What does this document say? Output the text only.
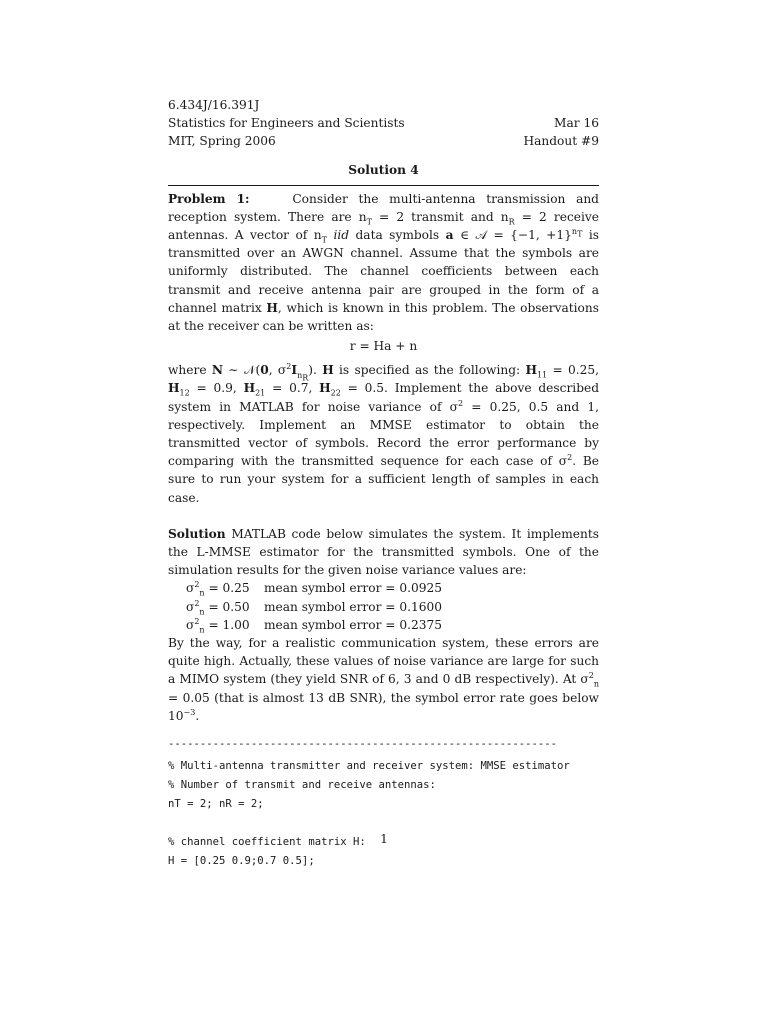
6.434J/16.391J
Statistics for Engineers and Scientists	Mar 16
MIT, Spring 2006	Handout #9
Solution 4

Problem 1:	Consider the multi-antenna transmission and reception system. There are $n_T = 2$ transmit and $n_R = 2$ receive antennas. A vector of $n_T$ iid data symbols a ∈ 𝒜 = {−1, +1}$^{n_T}$ is transmitted over an AWGN channel. Assume that the symbols are uniformly distributed. The channel coefficients between each transmit and receive antenna pair are grouped in the form of a channel matrix H, which is known in this problem. The observations at the receiver can be written as:

r = Ha + n

where N ∼ 𝒩(0, $\sigma^2I_{n_R}$). H is specified as the following: $H_{11} = 0.25$, $H_{12} = 0.9$, $H_{21} = 0.7$, $H_{22} = 0.5$. Implement the above described system in MATLAB for noise variance of $\sigma^2 = 0.25$, 0.5 and 1, respectively. Implement an MMSE estimator to obtain the transmitted vector of symbols. Record the error performance by comparing with the transmitted sequence for each case of $\sigma^2$. Be sure to run your system for a sufficient length of samples in each case.

Solution MATLAB code below simulates the system. It implements the L-MMSE estimator for the transmitted symbols. One of the simulation results for the given noise variance values are:

$\sigma^2_n = 0.25$	mean symbol error = 0.0925
$\sigma^2_n = 0.50$	mean symbol error = 0.1600
$\sigma^2_n = 1.00$	mean symbol error = 0.2375

By the way, for a realistic communication system, these errors are quite high. Actually, these values of noise variance are large for such a MIMO system (they yield SNR of 6, 3 and 0 dB respectively). At $\sigma^2_n = 0.05$ (that is almost 13 dB SNR), the symbol error rate goes below $10^{-3}$.

-------------------------------------------------------------
% Multi-antenna transmitter and receiver system: MMSE estimator
% Number of transmit and receive antennas:
nT = 2; nR = 2;
% channel coefficient matrix H:
H = [0.25 0.9;0.7 0.5];
1
